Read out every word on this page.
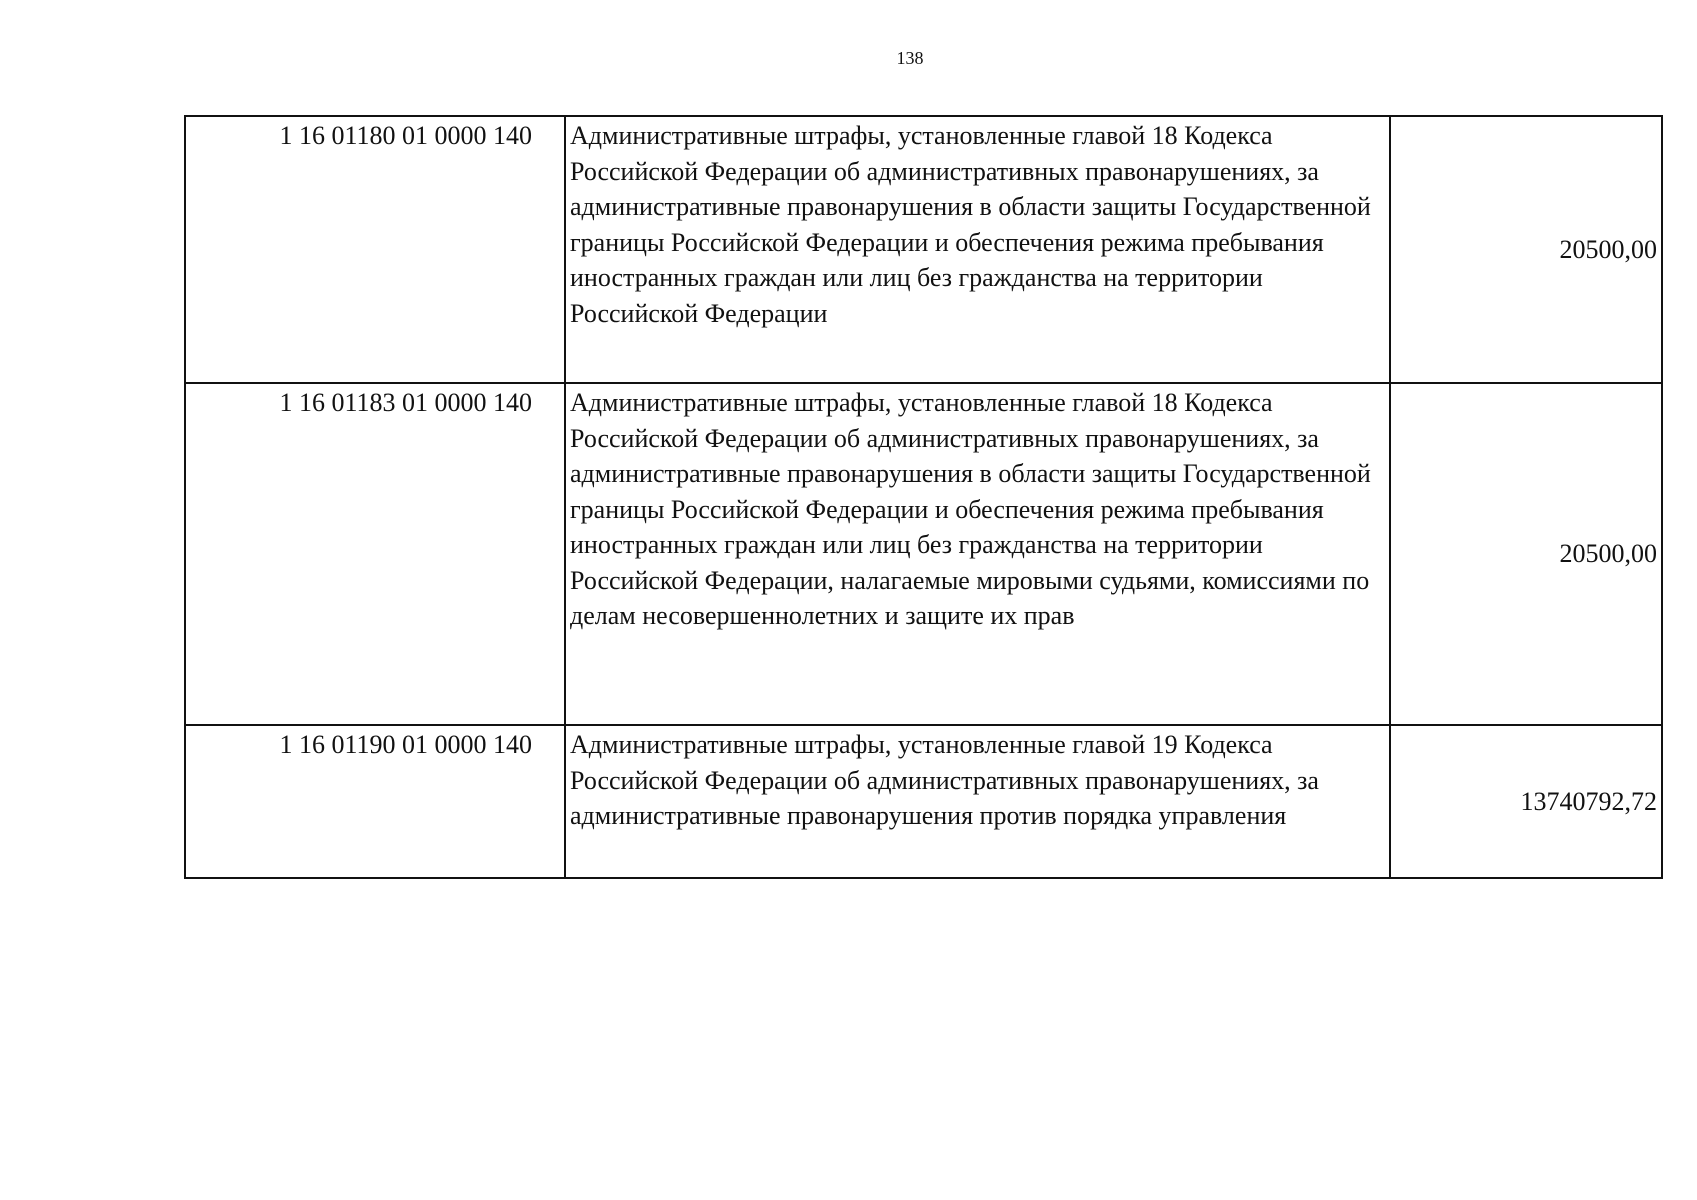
138
1 16 01180 01 0000 140	Административные штрафы, установленные главой 18 Кодекса Российской Федерации об административных правонарушениях, за административные правонарушения в области защиты Государственной границы Российской Федерации и обеспечения режима пребывания иностранных граждан или лиц без гражданства на территории Российской Федерации	20500,00
1 16 01183 01 0000 140	Административные штрафы, установленные главой 18 Кодекса Российской Федерации об административных правонарушениях, за административные правонарушения в области защиты Государственной границы Российской Федерации и обеспечения режима пребывания иностранных граждан или лиц без гражданства на территории Российской Федерации, налагаемые мировыми судьями, комиссиями по делам несовершеннолетних и защите их прав	20500,00
1 16 01190 01 0000 140	Административные штрафы, установленные главой 19 Кодекса Российской Федерации об административных правонарушениях, за административные правонарушения против порядка управления	13740792,72
